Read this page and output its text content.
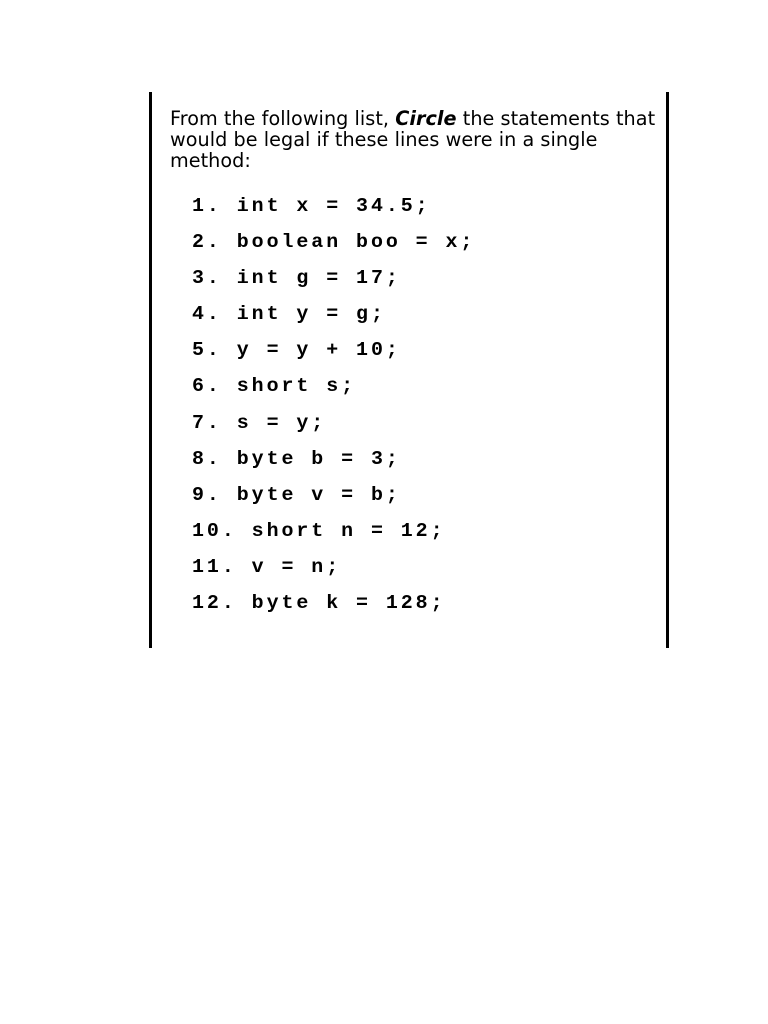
From the following list, Circle the statements that would be legal if these lines were in a single method:
1. int x = 34.5;
2. boolean boo = x;
3. int g = 17;
4. int y = g;
5. y = y + 10;
6. short s;
7. s = y;
8. byte b = 3;
9. byte v = b;
10. short n = 12;
11. v = n;
12. byte k = 128;
